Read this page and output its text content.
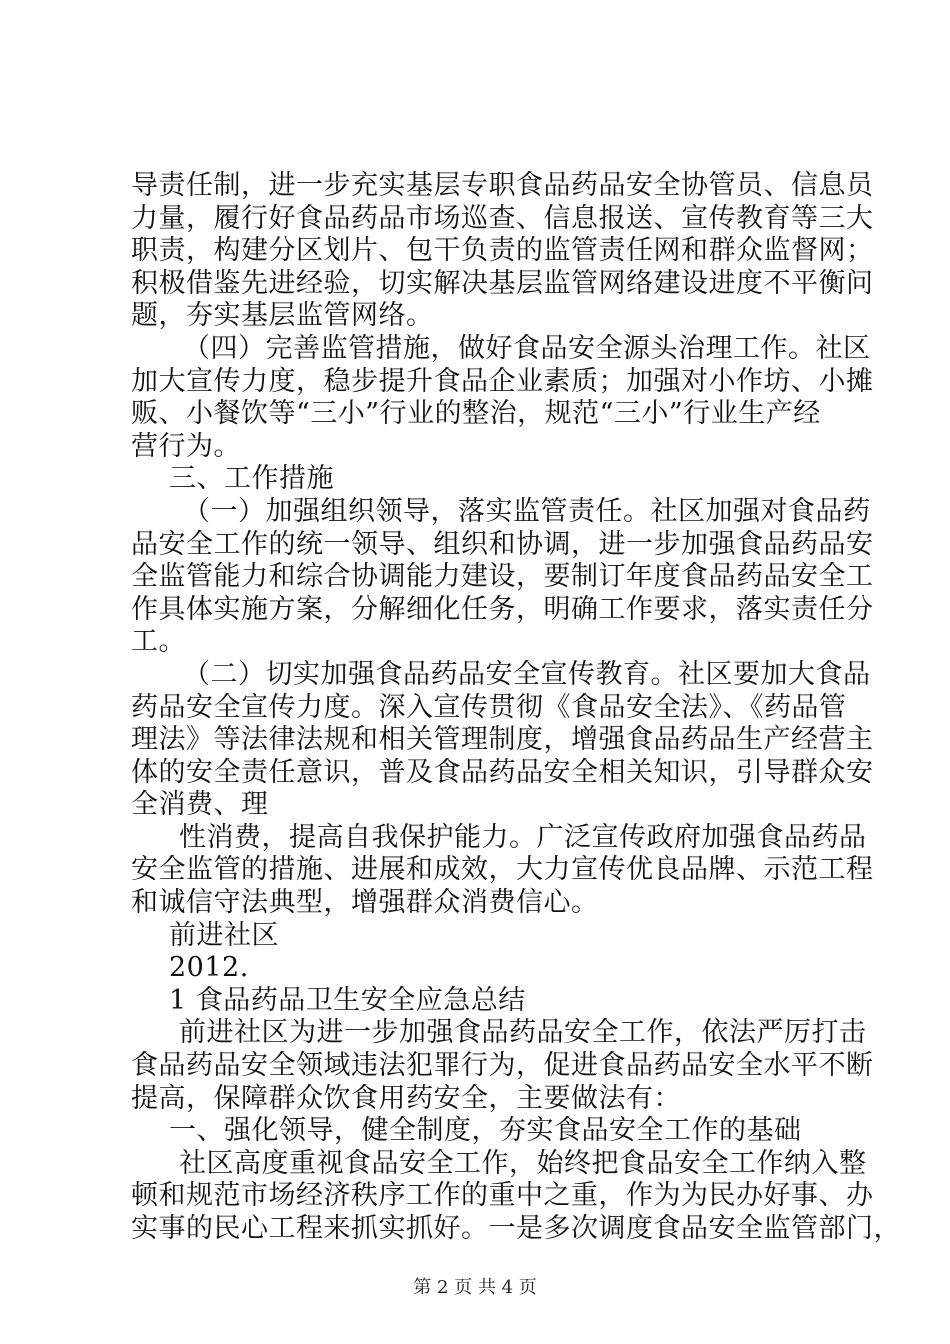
导责任制，进一步充实基层专职食品药品安全协管员、信息员
力量，履行好食品药品市场巡查、信息报送、宣传教育等三大
职责，构建分区划片、包干负责的监管责任网和群众监督网；
积极借鉴先进经验，切实解决基层监管网络建设进度不平衡问
题，夯实基层监管网络。
（四）完善监管措施，做好食品安全源头治理工作。社区
加大宣传力度，稳步提升食品企业素质；加强对小作坊、小摊
贩、小餐饮等“三小”行业的整治，规范“三小”行业生产经
营行为。
三、工作措施
（一）加强组织领导，落实监管责任。社区加强对食品药
品安全工作的统一领导、组织和协调，进一步加强食品药品安
全监管能力和综合协调能力建设，要制订年度食品药品安全工
作具体实施方案，分解细化任务，明确工作要求，落实责任分
工。
（二）切实加强食品药品安全宣传教育。社区要加大食品
药品安全宣传力度。深入宣传贯彻《食品安全法》、《药品管
理法》等法律法规和相关管理制度，增强食品药品生产经营主
体的安全责任意识，普及食品药品安全相关知识，引导群众安
全消费、理
性消费，提高自我保护能力。广泛宣传政府加强食品药品
安全监管的措施、进展和成效，大力宣传优良品牌、示范工程
和诚信守法典型，增强群众消费信心。
前进社区
2012.
1 食品药品卫生安全应急总结
前进社区为进一步加强食品药品安全工作，依法严厉打击
食品药品安全领域违法犯罪行为，促进食品药品安全水平不断
提高，保障群众饮食用药安全，主要做法有：
一、强化领导，健全制度，夯实食品安全工作的基础
社区高度重视食品安全工作，始终把食品安全工作纳入整
顿和规范市场经济秩序工作的重中之重，作为为民办好事、办
实事的民心工程来抓实抓好。一是多次调度食品安全监管部门，
第 2 页 共 4 页
